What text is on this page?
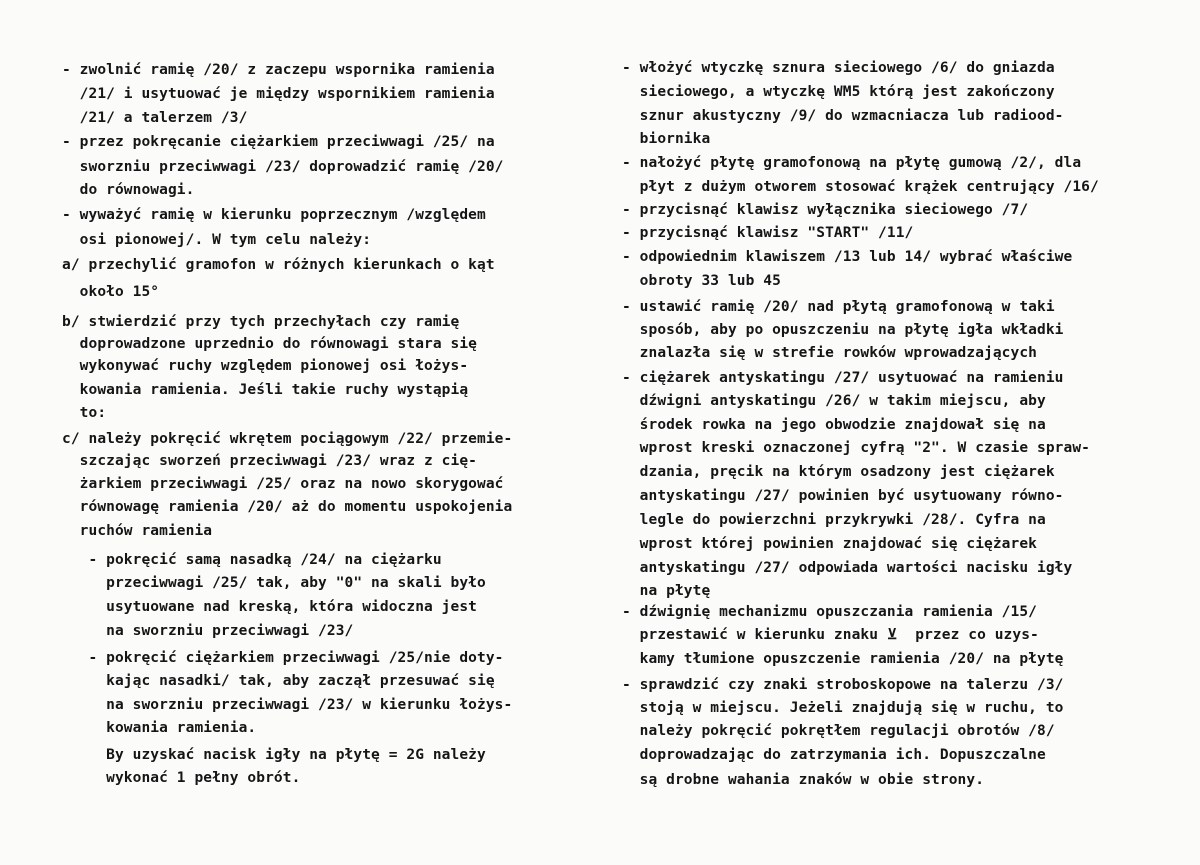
- zwolnić ramię /20/ z zaczepu wspornika ramienia
/21/ i usytuować je między wspornikiem ramienia
/21/ a talerzem /3/
- przez pokręcanie ciężarkiem przeciwwagi /25/ na
sworzniu przeciwwagi /23/ doprowadzić ramię /20/
do równowagi.
- wyważyć ramię w kierunku poprzecznym /względem
osi pionowej/. W tym celu należy:
a/ przechylić gramofon w różnych kierunkach o kąt
około 15°
b/ stwierdzić przy tych przechyłach czy ramię
doprowadzone uprzednio do równowagi stara się
wykonywać ruchy względem pionowej osi łożys-
kowania ramienia. Jeśli takie ruchy wystąpią
to:
c/ należy pokręcić wkrętem pociągowym /22/ przemie-
szczając sworzeń przeciwwagi /23/ wraz z cię-
żarkiem przeciwwagi /25/ oraz na nowo skorygować
równowagę ramienia /20/ aż do momentu uspokojenia
ruchów ramienia
- pokręcić samą nasadką /24/ na ciężarku
przeciwwagi /25/ tak, aby "0" na skali było
usytuowane nad kreską, która widoczna jest
na sworzniu przeciwwagi /23/
- pokręcić ciężarkiem przeciwwagi /25/nie doty-
kając nasadki/ tak, aby zaczął przesuwać się
na sworzniu przeciwwagi /23/ w kierunku łożys-
kowania ramienia.
By uzyskać nacisk igły na płytę = 2G należy
wykonać 1 pełny obrót.
- włożyć wtyczkę sznura sieciowego /6/ do gniazda
sieciowego, a wtyczkę WM5 którą jest zakończony
sznur akustyczny /9/ do wzmacniacza lub radiood-
biornika
- nałożyć płytę gramofonową na płytę gumową /2/, dla
płyt z dużym otworem stosować krążek centrujący /16/
- przycisnąć klawisz wyłącznika sieciowego /7/
- przycisnąć klawisz "START" /11/
- odpowiednim klawiszem /13 lub 14/ wybrać właściwe
obroty 33 lub 45
- ustawić ramię /20/ nad płytą gramofonową w taki
sposób, aby po opuszczeniu na płytę igła wkładki
znalazła się w strefie rowków wprowadzających
- ciężarek antyskatingu /27/ usytuować na ramieniu
dźwigni antyskatingu /26/ w takim miejscu, aby
środek rowka na jego obwodzie znajdował się na
wprost kreski oznaczonej cyfrą "2". W czasie spraw-
dzania, pręcik na którym osadzony jest ciężarek
antyskatingu /27/ powinien być usytuowany równo-
legle do powierzchni przykrywki /28/. Cyfra na
wprost której powinien znajdować się ciężarek
antyskatingu /27/ odpowiada wartości nacisku igły
na płytę
- dźwignię mechanizmu opuszczania ramienia /15/
przestawić w kierunku znaku ⊻  przez co uzys-
kamy tłumione opuszczenie ramienia /20/ na płytę
- sprawdzić czy znaki stroboskopowe na talerzu /3/
stoją w miejscu. Jeżeli znajdują się w ruchu, to
należy pokręcić pokrętłem regulacji obrotów /8/
doprowadzając do zatrzymania ich. Dopuszczalne
są drobne wahania znaków w obie strony.
